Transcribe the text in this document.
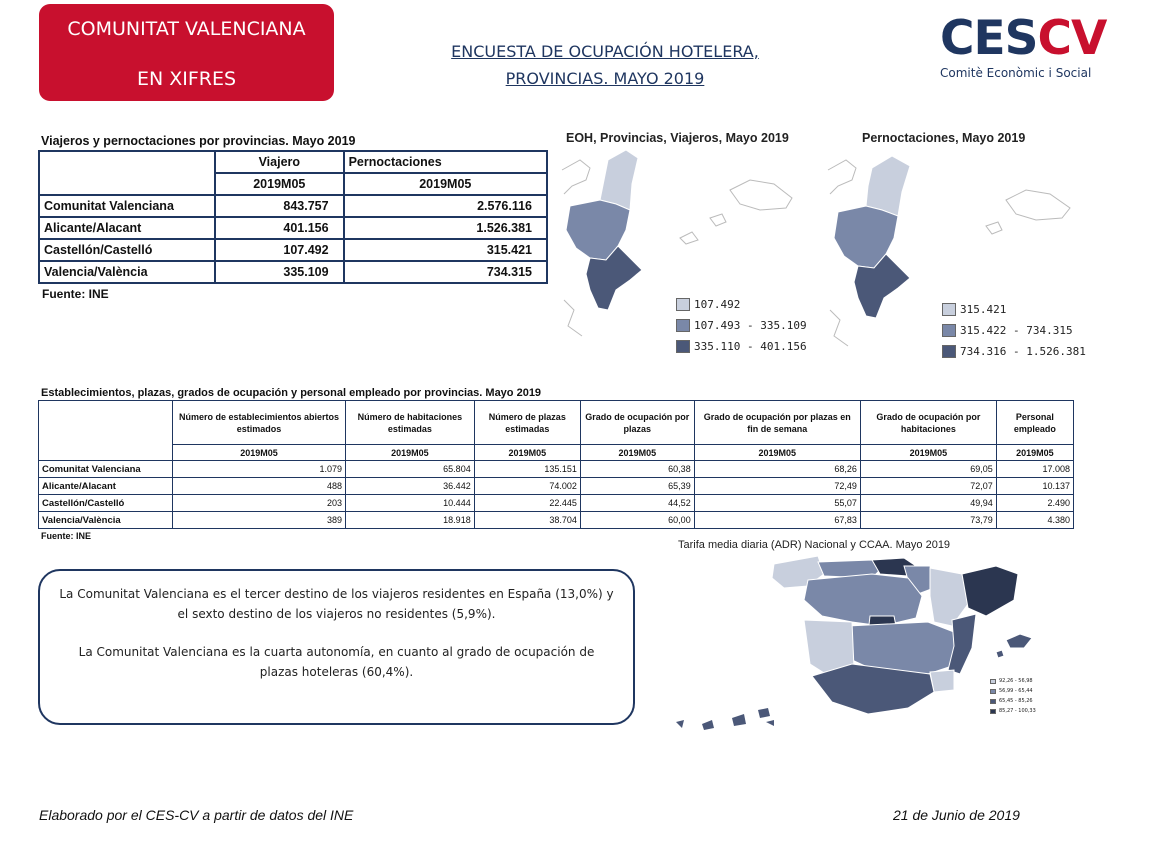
COMUNITAT VALENCIANA
EN XIFRES
ENCUESTA DE OCUPACIÓN HOTELERA,
PROVINCIAS. MAYO 2019
CESCV
Comitè Econòmic i Social
Viajeros y pernoctaciones por provincias. Mayo 2019
	Viajero	Pernoctaciones
	2019M05	2019M05
Comunitat Valenciana	843.757	2.576.116
Alicante/Alacant	401.156	1.526.381
Castellón/Castelló	107.492	315.421
Valencia/València	335.109	734.315
Fuente: INE
EOH, Provincias, Viajeros, Mayo 2019
107.492
107.493 - 335.109
335.110 - 401.156
Pernoctaciones, Mayo 2019
315.421
315.422 - 734.315
734.316 - 1.526.381
Establecimientos, plazas, grados de ocupación y personal empleado por provincias. Mayo 2019
	Número de establecimientos abiertos estimados	Número de habitaciones estimadas	Número de plazas estimadas	Grado de ocupación por plazas	Grado de ocupación por plazas en fin de semana	Grado de ocupación por habitaciones	Personal empleado
	2019M05	2019M05	2019M05	2019M05	2019M05	2019M05	2019M05
Comunitat Valenciana	1.079	65.804	135.151	60,38	68,26	69,05	17.008
Alicante/Alacant	488	36.442	74.002	65,39	72,49	72,07	10.137
Castellón/Castelló	203	10.444	22.445	44,52	55,07	49,94	2.490
Valencia/València	389	18.918	38.704	60,00	67,83	73,79	4.380
Fuente: INE
Tarifa media diaria (ADR) Nacional y CCAA. Mayo 2019
92,26 - 56,98
56,99 - 65,44
65,45 - 85,26
85,27 - 100,33

La Comunitat Valenciana es el tercer destino de los viajeros residentes en España (13,0%) y el sexto destino de los viajeros no residentes (5,9%).

La Comunitat Valenciana es la cuarta autonomía, en cuanto al grado de ocupación de plazas hoteleras (60,4%).

Elaborado por el CES-CV a partir de datos del INE	21 de Junio de 2019
